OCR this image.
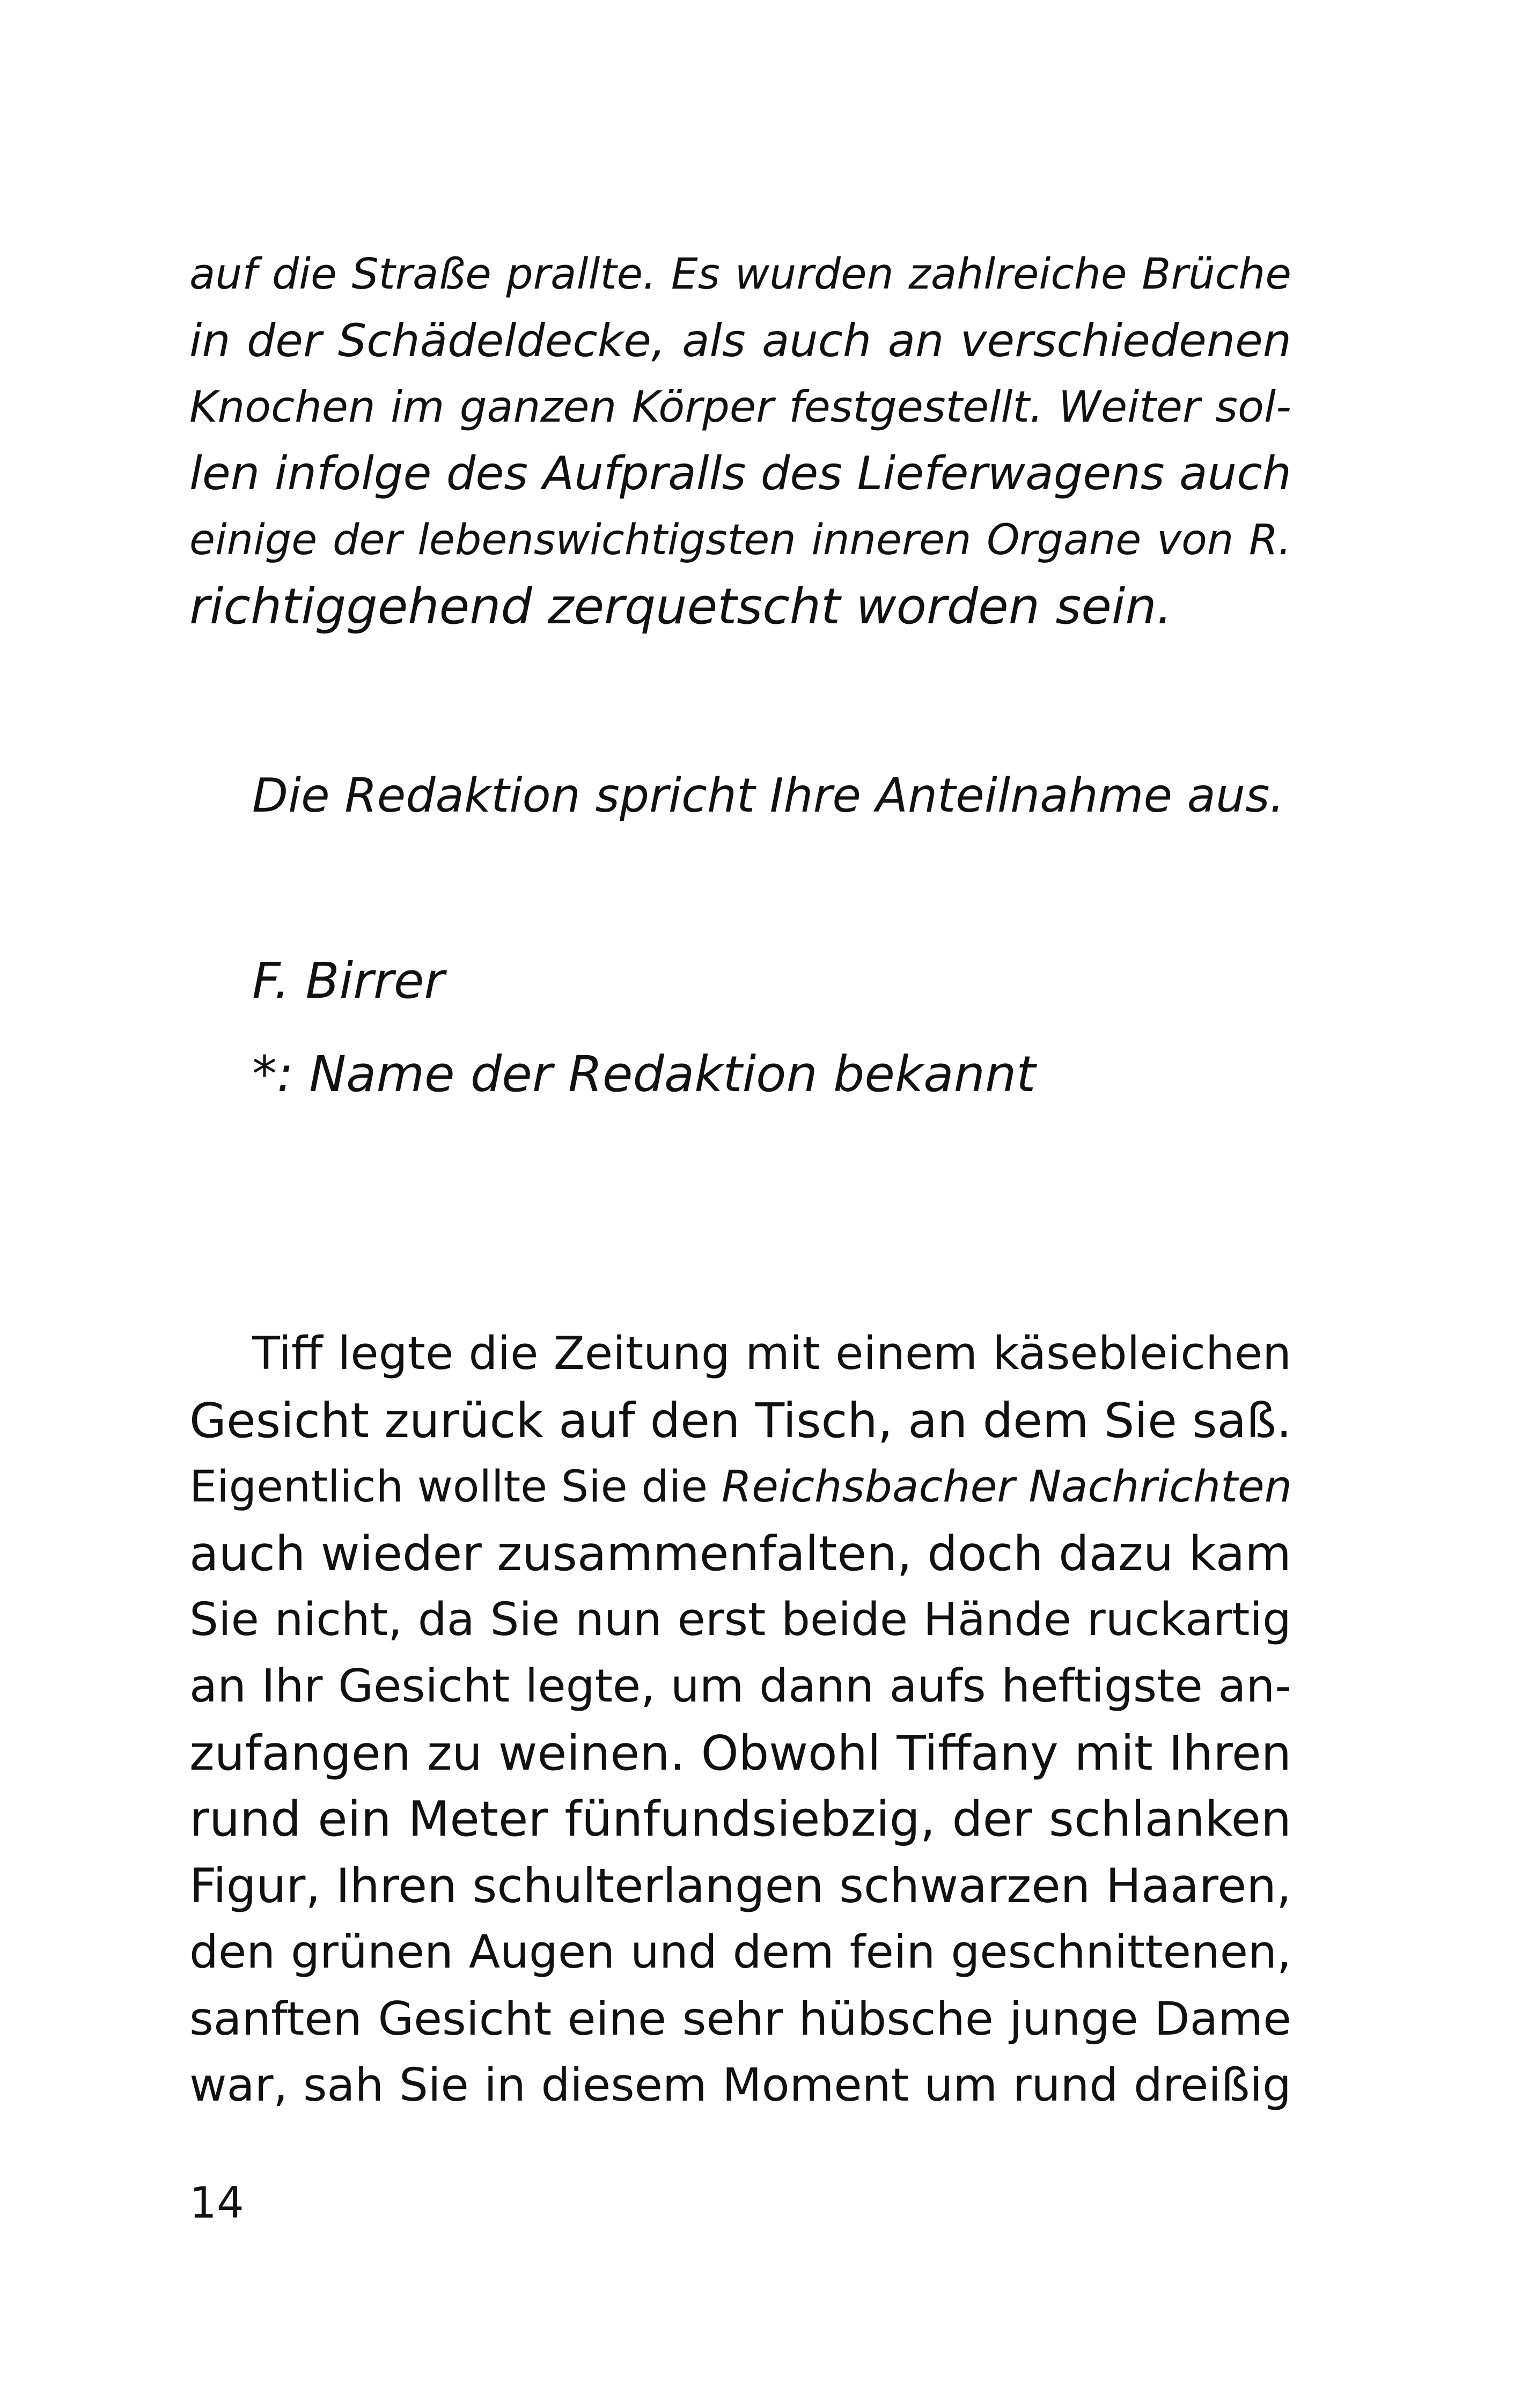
auf die Straße prallte. Es wurden zahlreiche Brüche
in der Schädeldecke, als auch an verschiedenen
Knochen im ganzen Körper festgestellt. Weiter sol-
len infolge des Aufpralls des Lieferwagens auch
einige der lebenswichtigsten inneren Organe von R.
richtiggehend zerquetscht worden sein.
Die Redaktion spricht Ihre Anteilnahme aus.
F. Birrer
*: Name der Redaktion bekannt
Tiff legte die Zeitung mit einem käsebleichen
Gesicht zurück auf den Tisch, an dem Sie saß.
Eigentlich wollte Sie die Reichsbacher Nachrichten
auch wieder zusammenfalten, doch dazu kam
Sie nicht, da Sie nun erst beide Hände ruckartig
an Ihr Gesicht legte, um dann aufs heftigste an-
zufangen zu weinen. Obwohl Tiffany mit Ihren
rund ein Meter fünfundsiebzig, der schlanken
Figur, Ihren schulterlangen schwarzen Haaren,
den grünen Augen und dem fein geschnittenen,
sanften Gesicht eine sehr hübsche junge Dame
war, sah Sie in diesem Moment um rund dreißig
14
